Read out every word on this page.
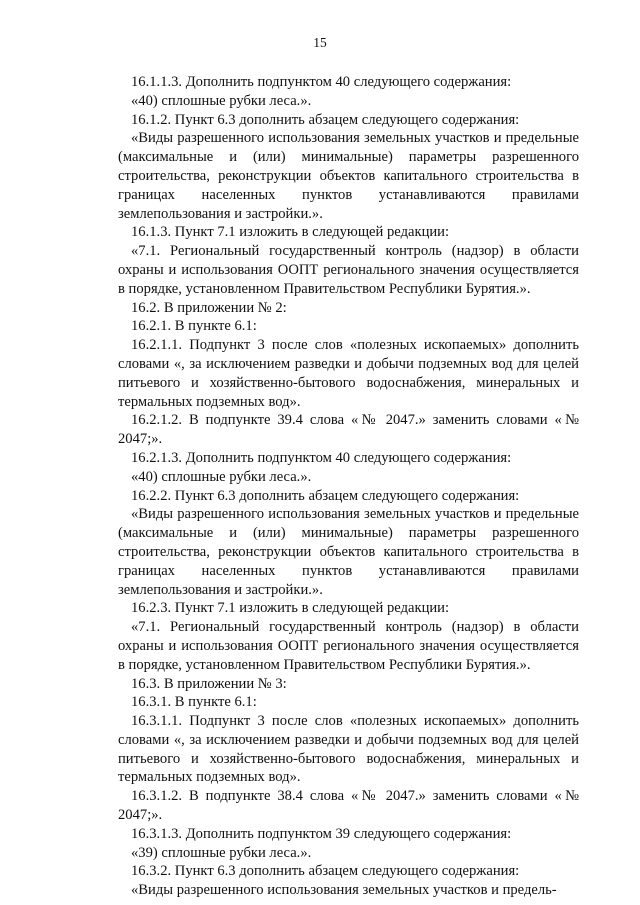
15

16.1.1.3. Дополнить подпунктом 40 следующего содержания:

«40) сплошные рубки леса.».

16.1.2. Пункт 6.3 дополнить абзацем следующего содержания:

«Виды разрешенного использования земельных участков и предельные (максимальные и (или) минимальные) параметры разрешенного строительства, реконструкции объектов капитального строительства в границах населенных пунктов устанавливаются правилами землепользования и застройки.».

16.1.3. Пункт 7.1 изложить в следующей редакции:

«7.1. Региональный государственный контроль (надзор) в области охраны и использования ООПТ регионального значения осуществляется в порядке, установленном Правительством Республики Бурятия.».

16.2. В приложении № 2:

16.2.1. В пункте 6.1:

16.2.1.1. Подпункт 3 после слов «полезных ископаемых» дополнить словами «, за исключением разведки и добычи подземных вод для целей питьевого и хозяйственно-бытового водоснабжения, минеральных и термальных подземных вод».

16.2.1.2. В подпункте 39.4 слова «№ 2047.» заменить словами «№ 2047;».

16.2.1.3. Дополнить подпунктом 40 следующего содержания:

«40) сплошные рубки леса.».

16.2.2. Пункт 6.3 дополнить абзацем следующего содержания:

«Виды разрешенного использования земельных участков и предельные (максимальные и (или) минимальные) параметры разрешенного строительства, реконструкции объектов капитального строительства в границах населенных пунктов устанавливаются правилами землепользования и застройки.».

16.2.3. Пункт 7.1 изложить в следующей редакции:

«7.1. Региональный государственный контроль (надзор) в области охраны и использования ООПТ регионального значения осуществляется в порядке, установленном Правительством Республики Бурятия.».

16.3. В приложении № 3:

16.3.1. В пункте 6.1:

16.3.1.1. Подпункт 3 после слов «полезных ископаемых» дополнить словами «, за исключением разведки и добычи подземных вод для целей питьевого и хозяйственно-бытового водоснабжения, минеральных и термальных подземных вод».

16.3.1.2. В подпункте 38.4 слова «№ 2047.» заменить словами «№ 2047;».

16.3.1.3. Дополнить подпунктом 39 следующего содержания:

«39) сплошные рубки леса.».

16.3.2. Пункт 6.3 дополнить абзацем следующего содержания:

«Виды разрешенного использования земельных участков и предель-
